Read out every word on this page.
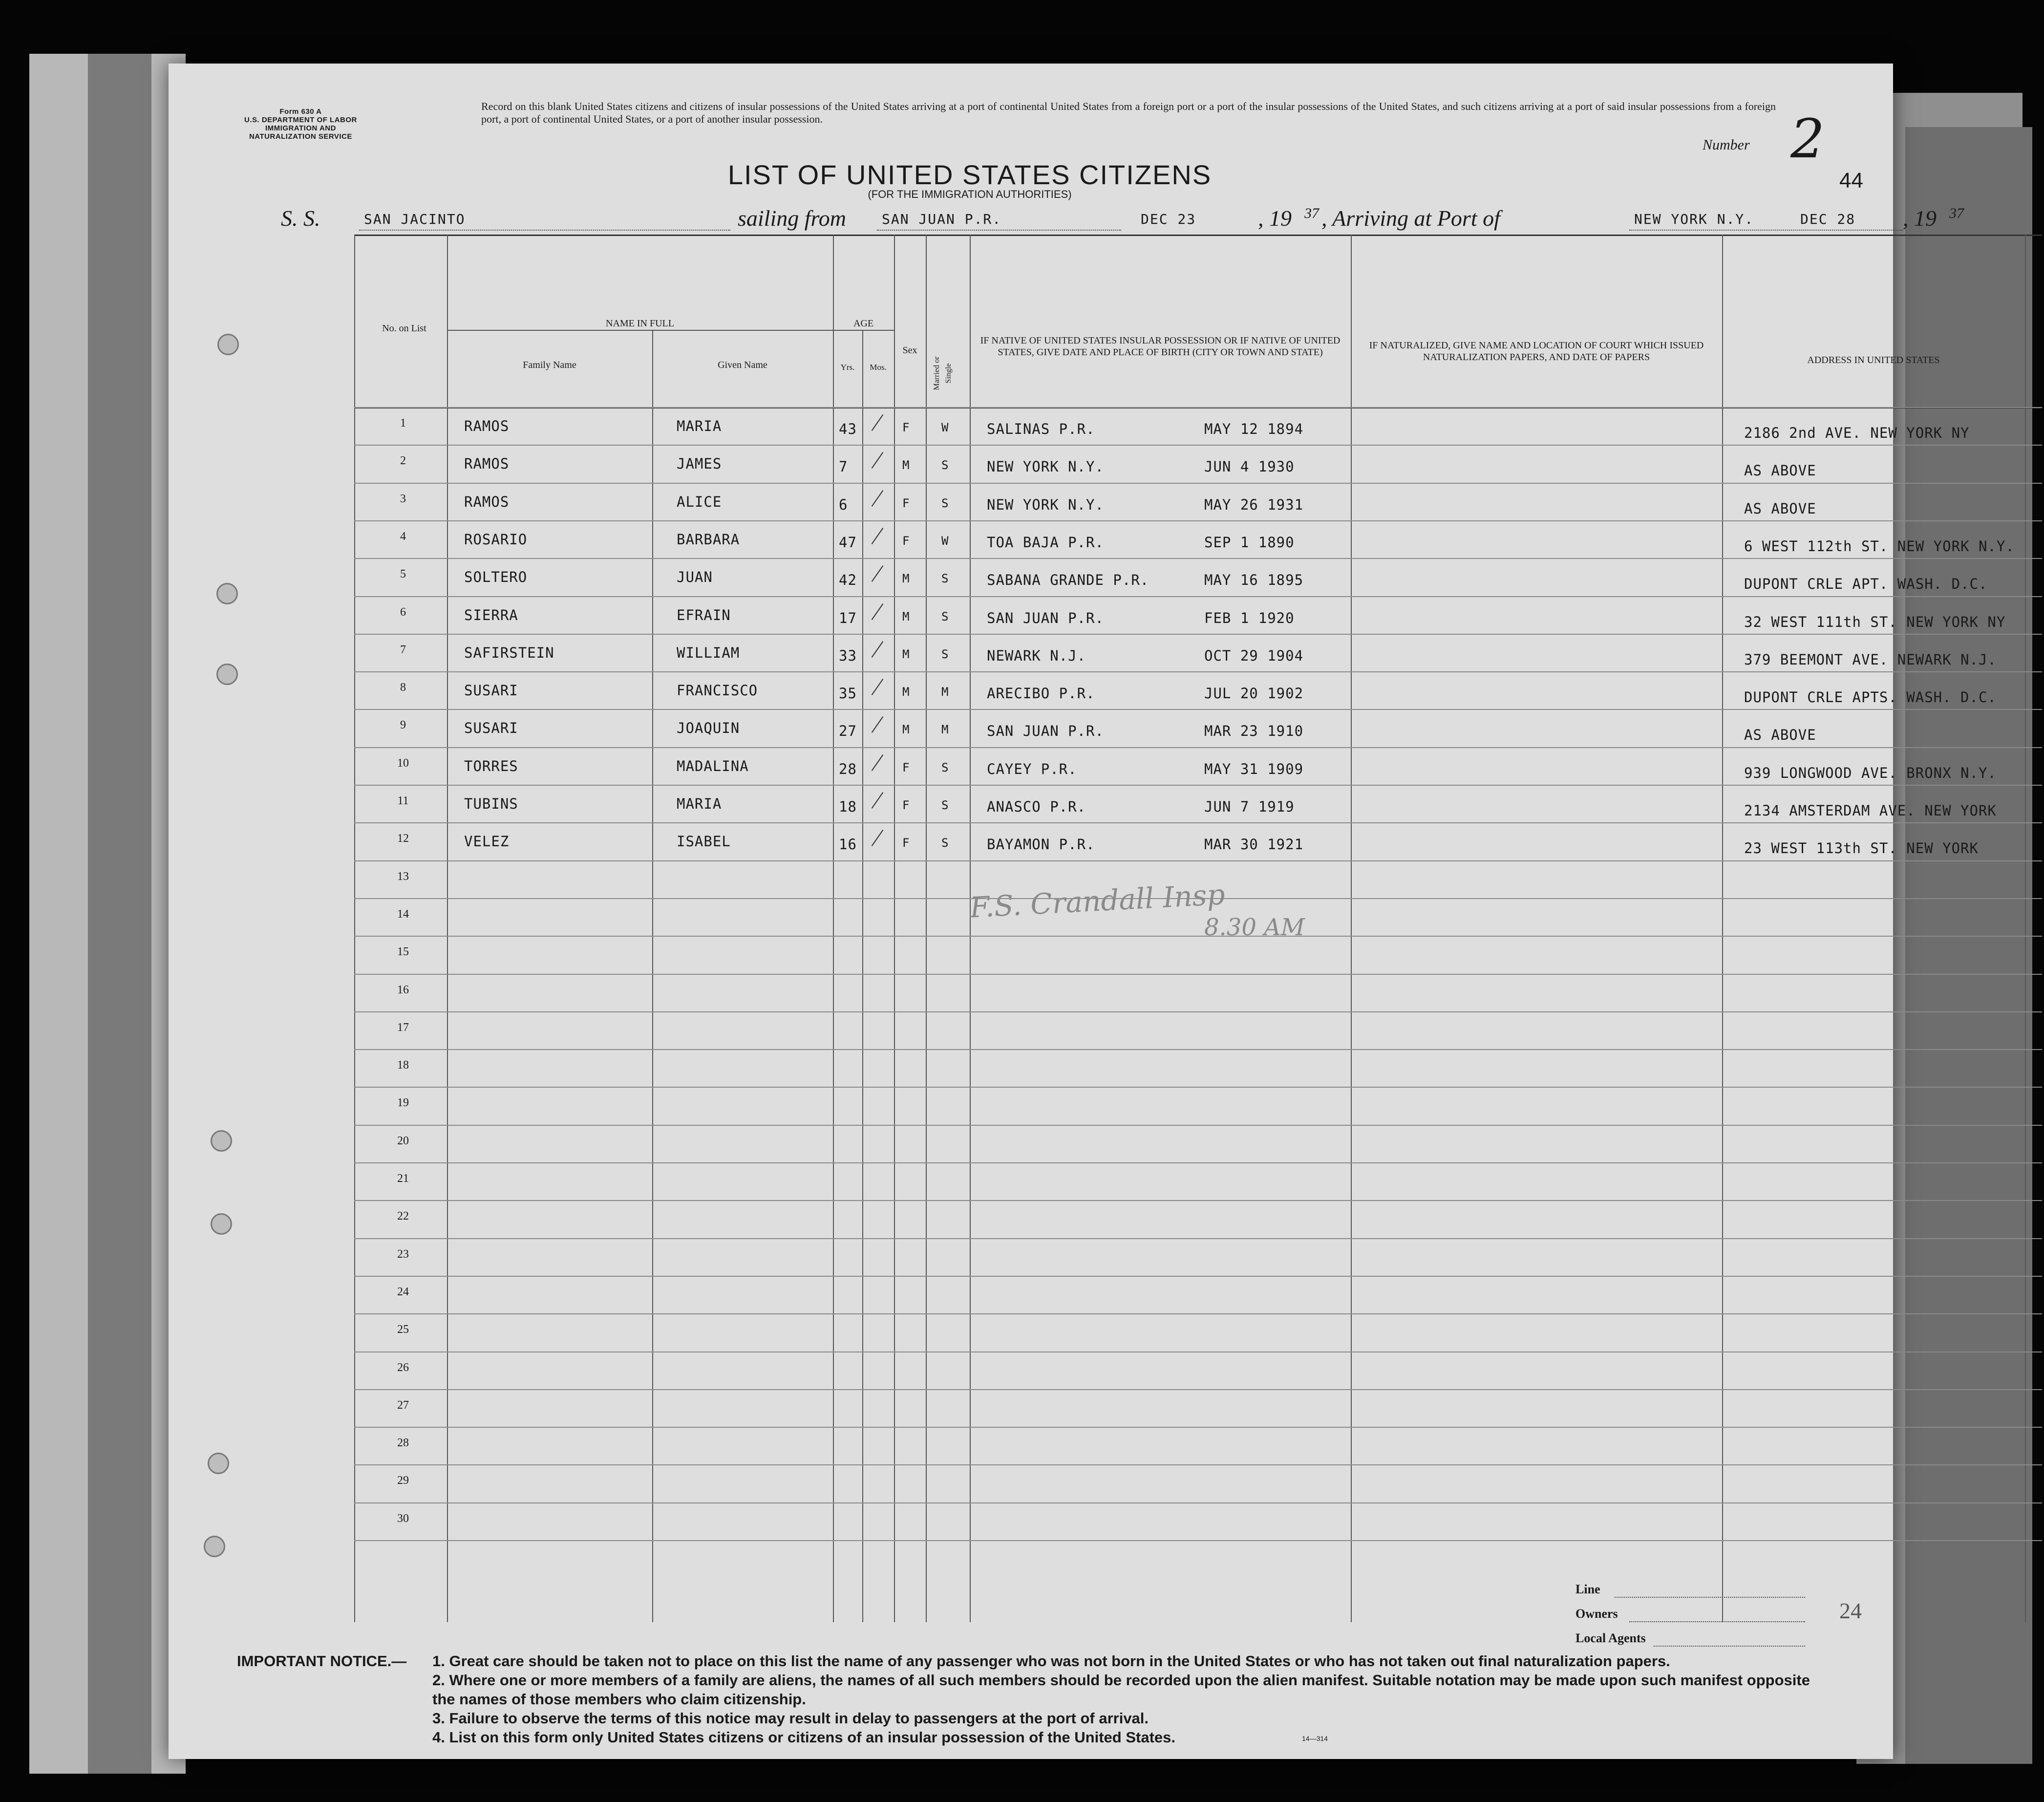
Form 630 A
U.S. DEPARTMENT OF LABOR
IMMIGRATION AND
NATURALIZATION SERVICE
Record on this blank United States citizens and citizens of insular possessions of the United States arriving at a port of continental United States from a foreign port or a port of the insular possessions of the United States, and such citizens arriving at a port of said insular possessions from a foreign port, a port of continental United States, or a port of another insular possession.
Number 2
44
LIST OF UNITED STATES CITIZENS
(FOR THE IMMIGRATION AUTHORITIES)
S. S.	SAN JACINTO	sailing from	SAN JUAN P.R.	DEC 23	, 19 37 , Arriving at Port of	NEW YORK N.Y.	DEC 28 , 19 37
No. on List	NAME IN FULL
Family Name	Given Name
AGE
Yrs.	Mos.
Sex
Married or Single
IF NATIVE OF UNITED STATES INSULAR POSSESSION OR IF NATIVE OF UNITED STATES, GIVE DATE AND PLACE OF BIRTH (CITY OR TOWN AND STATE)
IF NATURALIZED, GIVE NAME AND LOCATION OF COURT WHICH ISSUED NATURALIZATION PAPERS, AND DATE OF PAPERS	ADDRESS IN UNITED STATES
1	RAMOS	MARIA	43	F	W	SALINAS P.R.	MAY 12 1894	2186 2nd AVE. NEW YORK NY
2	RAMOS	JAMES	7	M	S	NEW YORK N.Y.	JUN 4 1930	AS ABOVE
3	RAMOS	ALICE	6	F	S	NEW YORK N.Y.	MAY 26 1931	AS ABOVE
4	ROSARIO	BARBARA	47	F	W	TOA BAJA P.R.	SEP 1 1890	6 WEST 112th ST. NEW YORK N.Y.
5	SOLTERO	JUAN	42	M	S	SABANA GRANDE P.R.	MAY 16 1895	DUPONT CRLE APT. WASH. D.C.
6	SIERRA	EFRAIN	17	M	S	SAN JUAN P.R.	FEB 1 1920	32 WEST 111th ST. NEW YORK NY
7	SAFIRSTEIN	WILLIAM	33	M	S	NEWARK N.J.	OCT 29 1904	379 BEEMONT AVE. NEWARK N.J.
8	SUSARI	FRANCISCO	35	M	M	ARECIBO P.R.	JUL 20 1902	DUPONT CRLE APTS. WASH. D.C.
9	SUSARI	JOAQUIN	27	M	M	SAN JUAN P.R.	MAR 23 1910	AS ABOVE
10	TORRES	MADALINA	28	F	S	CAYEY P.R.	MAY 31 1909	939 LONGWOOD AVE. BRONX N.Y.
11	TUBINS	MARIA	18	F	S	ANASCO P.R.	JUN 7 1919	2134 AMSTERDAM AVE. NEW YORK
12	VELEZ	ISABEL	16	F	S	BAYAMON P.R.	MAR 30 1921	23 WEST 113th ST. NEW YORK
13
14
15
16
17
18
19
20
21
22
23
24
25
26
27
28
29
30
F.S. Crandall Insp
8.30 AM
24
Line
Owners
Local Agents
IMPORTANT NOTICE.— 1. Great care should be taken not to place on this list the name of any passenger who was not born in the United States or who has not taken out final naturalization papers.
2. Where one or more members of a family are aliens, the names of all such members should be recorded upon the alien manifest. Suitable notation may be made upon such manifest opposite the names of those members who claim citizenship.
3. Failure to observe the terms of this notice may result in delay to passengers at the port of arrival.
4. List on this form only United States citizens or citizens of an insular possession of the United States.	14—314
